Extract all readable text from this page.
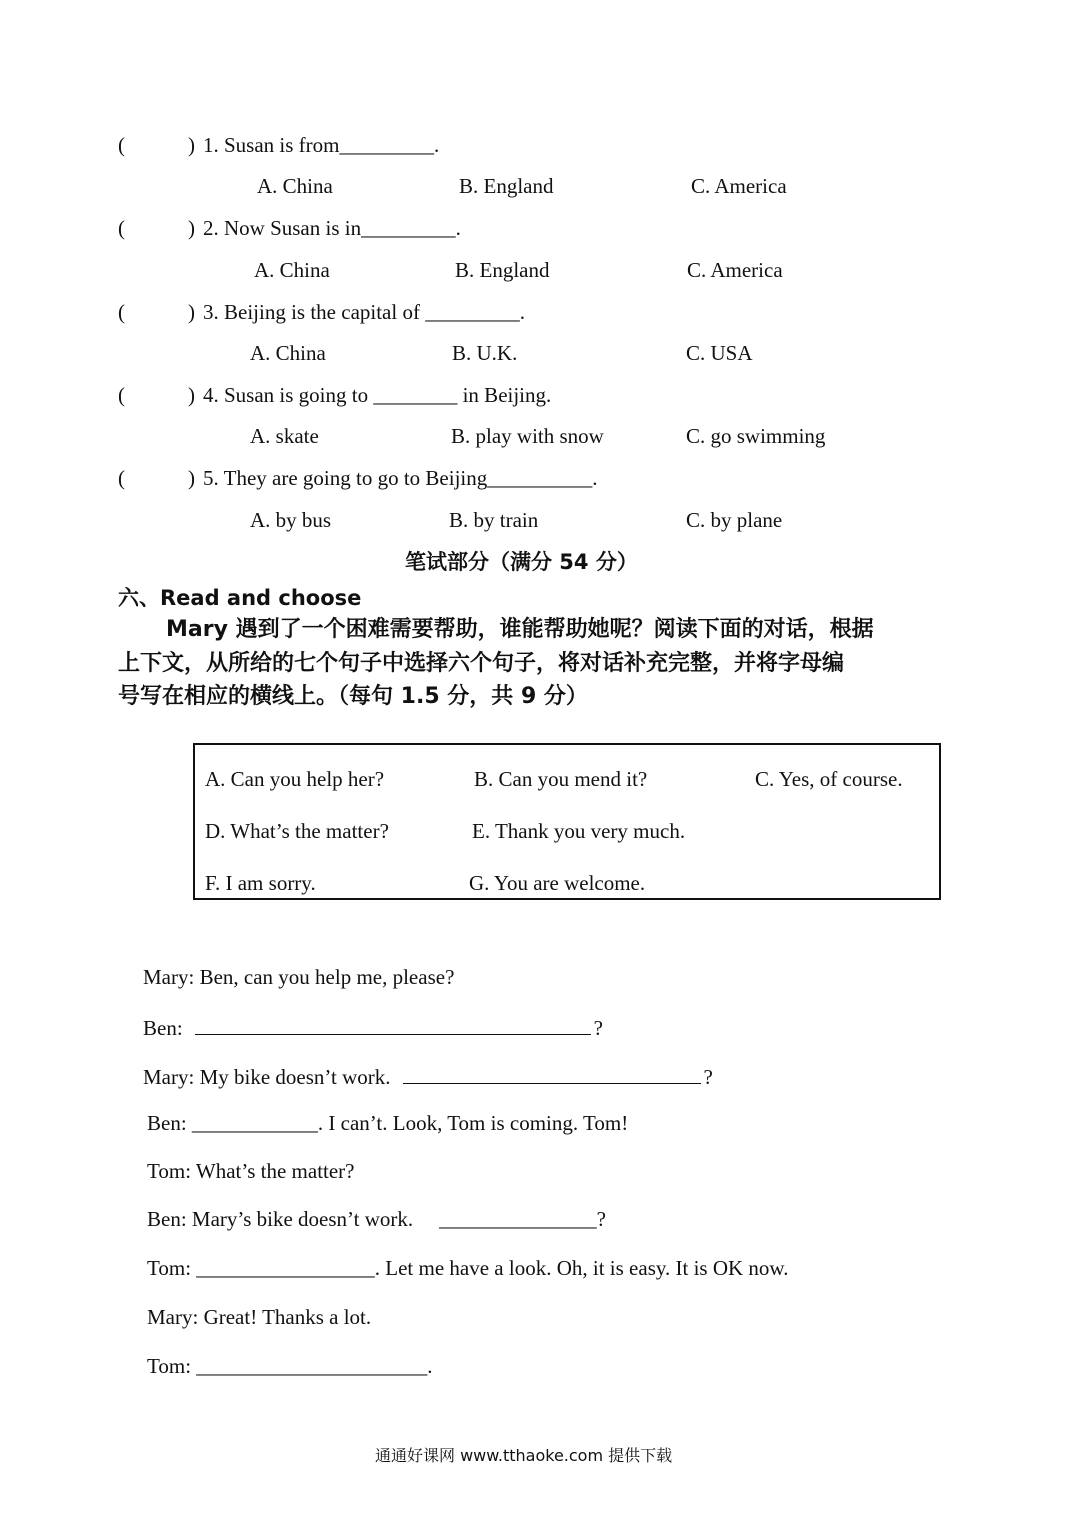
(	) 1. Susan is from_________.
A. China	B. England	C. America
(	) 2. Now Susan is in_________.
A. China	B. England	C. America
(	) 3. Beijing is the capital of _________.
A. China	B. U.K.	C. USA
(	) 4. Susan is going to ________ in Beijing.
A. skate	B. play with snow	C. go swimming
(	) 5. They are going to go to Beijing__________.
A. by bus	B. by train	C. by plane
笔试部分（满分 54 分）
六、Read and choose
Mary 遇到了一个困难需要帮助，谁能帮助她呢？阅读下面的对话，根据
上下文，从所给的七个句子中选择六个句子，将对话补充完整，并将字母编
号写在相应的横线上。（每句 1.5 分，共 9 分）
A. Can you help her?	B. Can you mend it?	C. Yes, of course.
D. What’s the matter?	E. Thank you very much.
F. I am sorry.	G. You are welcome.
Mary: Ben, can you help me, please?
Ben:	?
Mary: My bike doesn’t work.	?
Ben: ____________. I can’t. Look, Tom is coming. Tom!
Tom: What’s the matter?
Ben: Mary’s bike doesn’t work. _______________?
Tom: _________________. Let me have a look. Oh, it is easy. It is OK now.
Mary: Great! Thanks a lot.
Tom: ______________________.
通通好课网 www.tthaoke.com 提供下载
